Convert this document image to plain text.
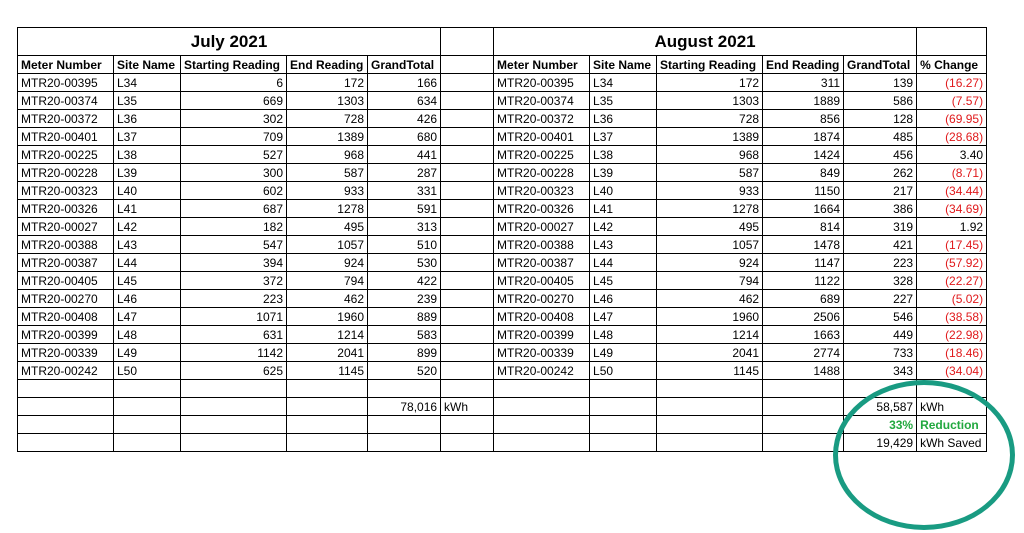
July 2021						August 2021					
Meter Number	Site Name	Starting Reading	End Reading	GrandTotal		Meter Number	Site Name	Starting Reading	End Reading	GrandTotal	% Change
MTR20-00395	L34	6	172	166		MTR20-00395	L34	172	311	139	(16.27)
MTR20-00374	L35	669	1303	634		MTR20-00374	L35	1303	1889	586	(7.57)
MTR20-00372	L36	302	728	426		MTR20-00372	L36	728	856	128	(69.95)
MTR20-00401	L37	709	1389	680		MTR20-00401	L37	1389	1874	485	(28.68)
MTR20-00225	L38	527	968	441		MTR20-00225	L38	968	1424	456	3.40
MTR20-00228	L39	300	587	287		MTR20-00228	L39	587	849	262	(8.71)
MTR20-00323	L40	602	933	331		MTR20-00323	L40	933	1150	217	(34.44)
MTR20-00326	L41	687	1278	591		MTR20-00326	L41	1278	1664	386	(34.69)
MTR20-00027	L42	182	495	313		MTR20-00027	L42	495	814	319	1.92
MTR20-00388	L43	547	1057	510		MTR20-00388	L43	1057	1478	421	(17.45)
MTR20-00387	L44	394	924	530		MTR20-00387	L44	924	1147	223	(57.92)
MTR20-00405	L45	372	794	422		MTR20-00405	L45	794	1122	328	(22.27)
MTR20-00270	L46	223	462	239		MTR20-00270	L46	462	689	227	(5.02)
MTR20-00408	L47	1071	1960	889		MTR20-00408	L47	1960	2506	546	(38.58)
MTR20-00399	L48	631	1214	583		MTR20-00399	L48	1214	1663	449	(22.98)
MTR20-00339	L49	1142	2041	899		MTR20-00339	L49	2041	2774	733	(18.46)
MTR20-00242	L50	625	1145	520		MTR20-00242	L50	1145	1488	343	(34.04)

				78,016	kWh					58,587	kWh
										33%	Reduction
										19,429	kWh Saved
